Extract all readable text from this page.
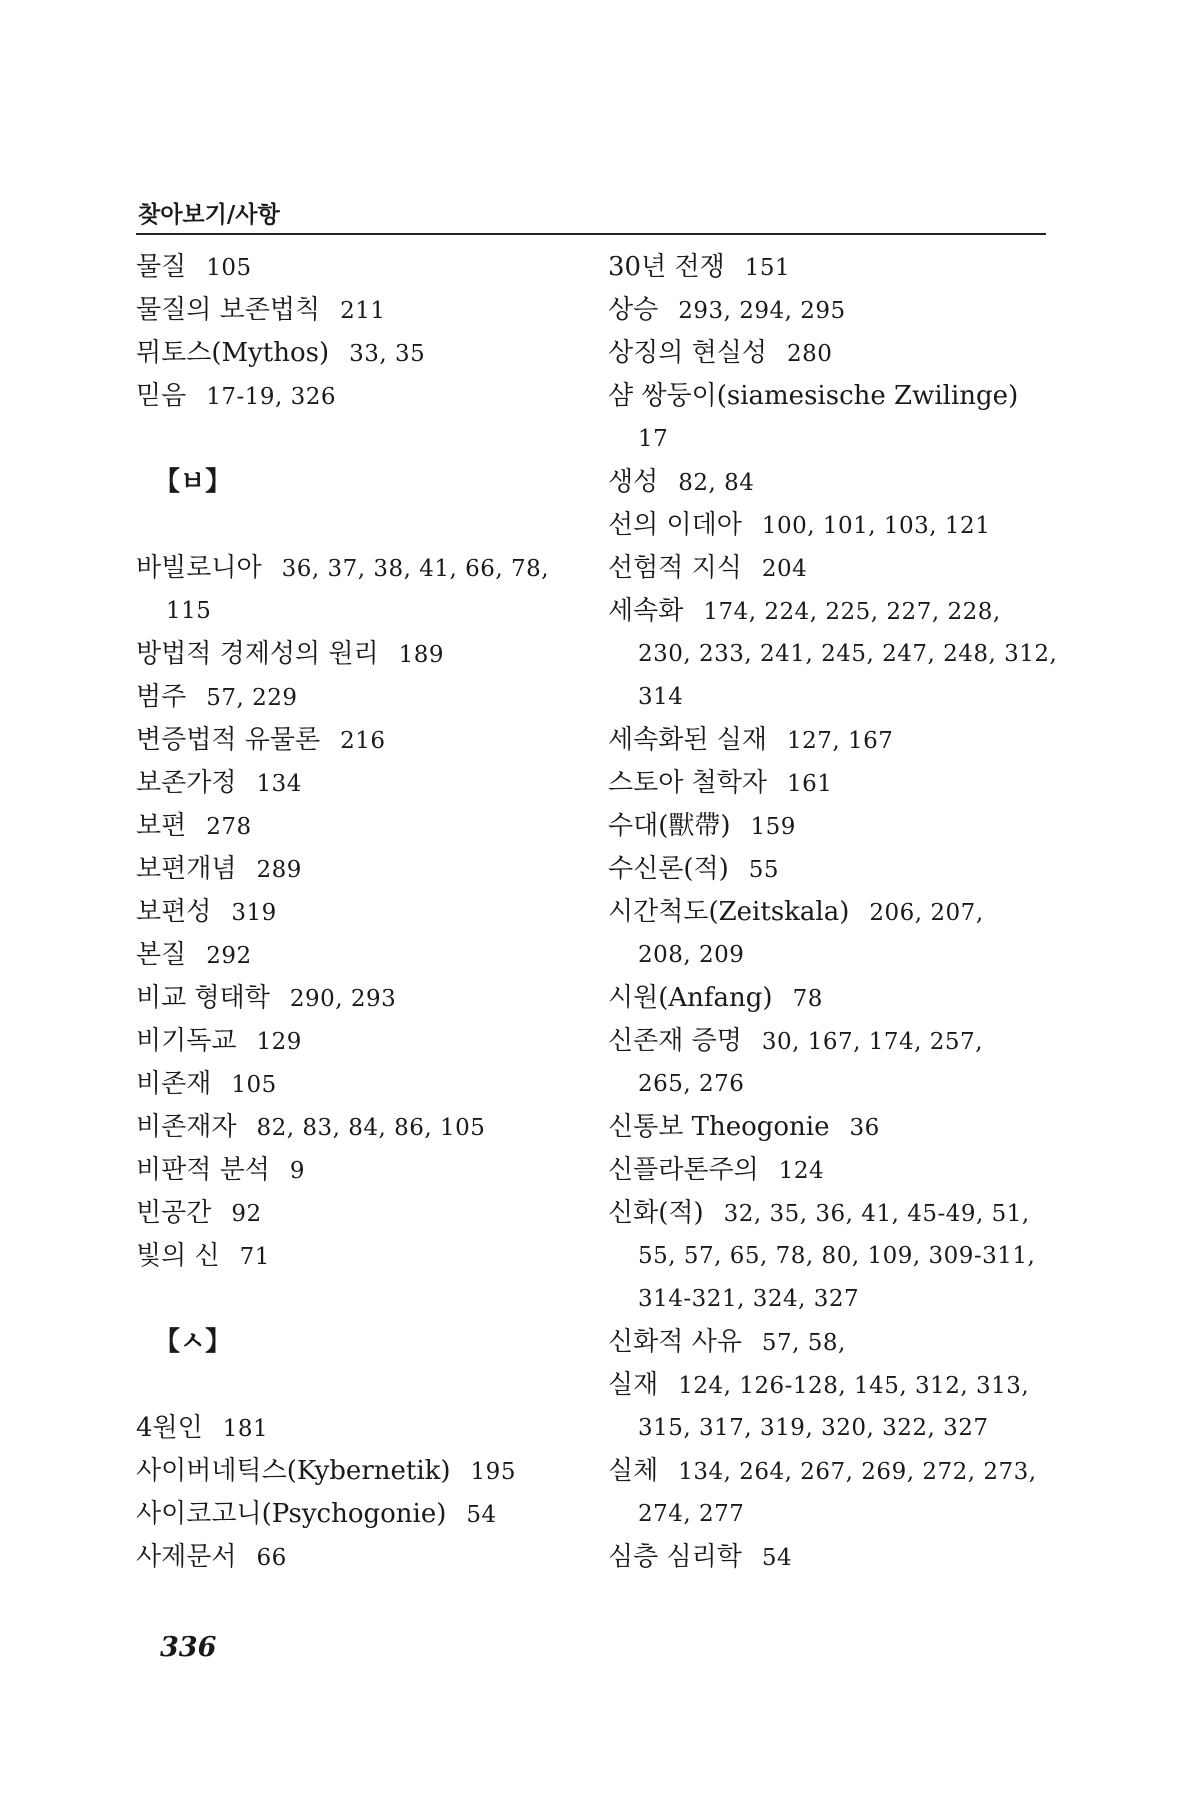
찾아보기/사항
물질 105
물질의 보존법칙 211
뮈토스(Mythos) 33, 35
믿음 17-19, 326
【ㅂ】
바빌로니아 36, 37, 38, 41, 66, 78,
115
방법적 경제성의 원리 189
범주 57, 229
변증법적 유물론 216
보존가정 134
보편 278
보편개념 289
보편성 319
본질 292
비교 형태학 290, 293
비기독교 129
비존재 105
비존재자 82, 83, 84, 86, 105
비판적 분석 9
빈공간 92
빛의 신 71
【ㅅ】
4원인 181
사이버네틱스(Kybernetik) 195
사이코고니(Psychogonie) 54
사제문서 66
30년 전쟁 151
상승 293, 294, 295
상징의 현실성 280
샴 쌍둥이(siamesische Zwilinge)
17
생성 82, 84
선의 이데아 100, 101, 103, 121
선험적 지식 204
세속화 174, 224, 225, 227, 228,
230, 233, 241, 245, 247, 248, 312,
314
세속화된 실재 127, 167
스토아 철학자 161
수대(獸帶) 159
수신론(적) 55
시간척도(Zeitskala) 206, 207,
208, 209
시원(Anfang) 78
신존재 증명 30, 167, 174, 257,
265, 276
신통보 Theogonie 36
신플라톤주의 124
신화(적) 32, 35, 36, 41, 45-49, 51,
55, 57, 65, 78, 80, 109, 309-311,
314-321, 324, 327
신화적 사유 57, 58,
실재 124, 126-128, 145, 312, 313,
315, 317, 319, 320, 322, 327
실체 134, 264, 267, 269, 272, 273,
274, 277
심층 심리학 54
336
